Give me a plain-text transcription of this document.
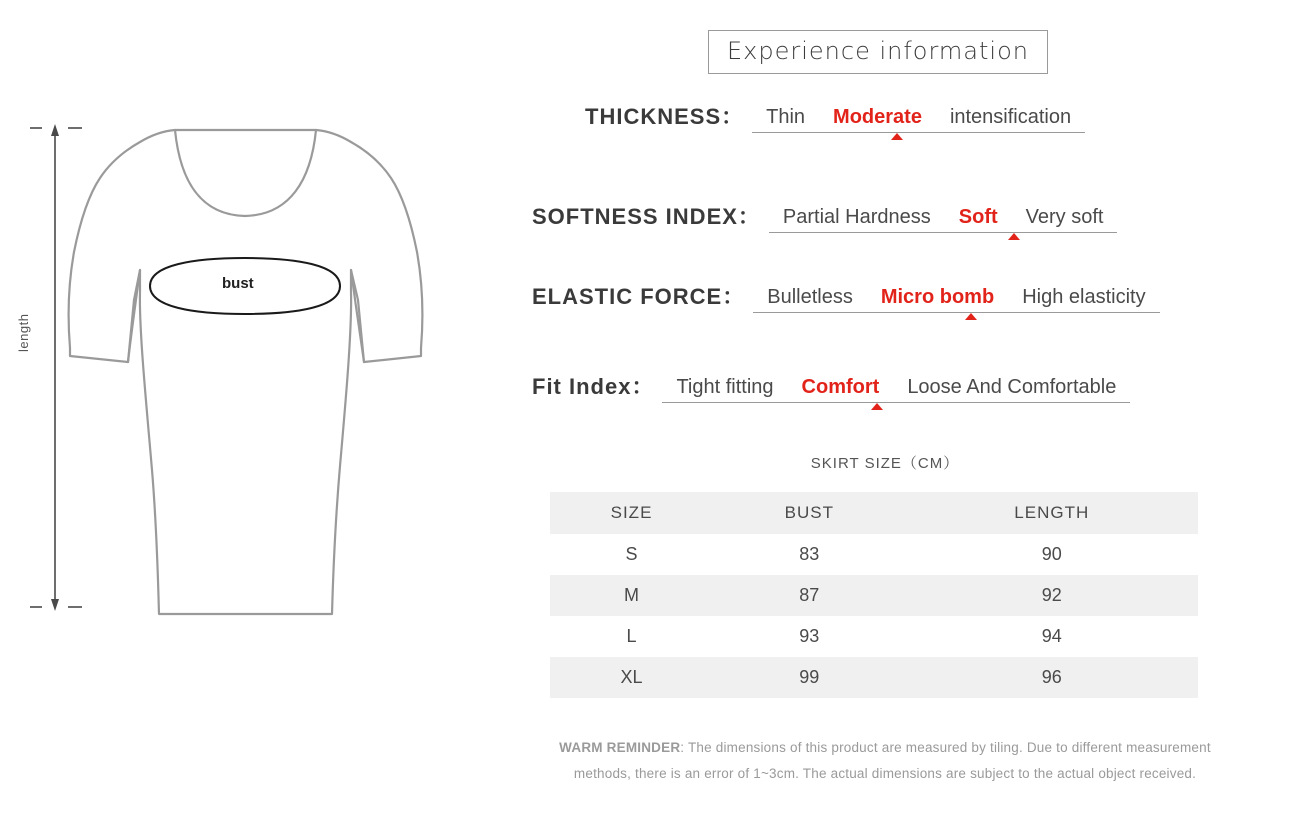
length
bust
Experience information
THICKNESS：	Thin	Moderate	intensification
SOFTNESS INDEX：	Partial Hardness	Soft	Very soft
ELASTIC FORCE：	Bulletless	Micro bomb	High elasticity
Fit Index：	Tight fitting	Comfort	Loose And Comfortable
SKIRT SIZE（CM）
SIZE	BUST	LENGTH
S	83	90
M	87	92
L	93	94
XL	99	96
WARM REMINDER: The dimensions of this product are measured by tiling. Due to different measurement
methods, there is an error of 1~3cm. The actual dimensions are subject to the actual object received.
